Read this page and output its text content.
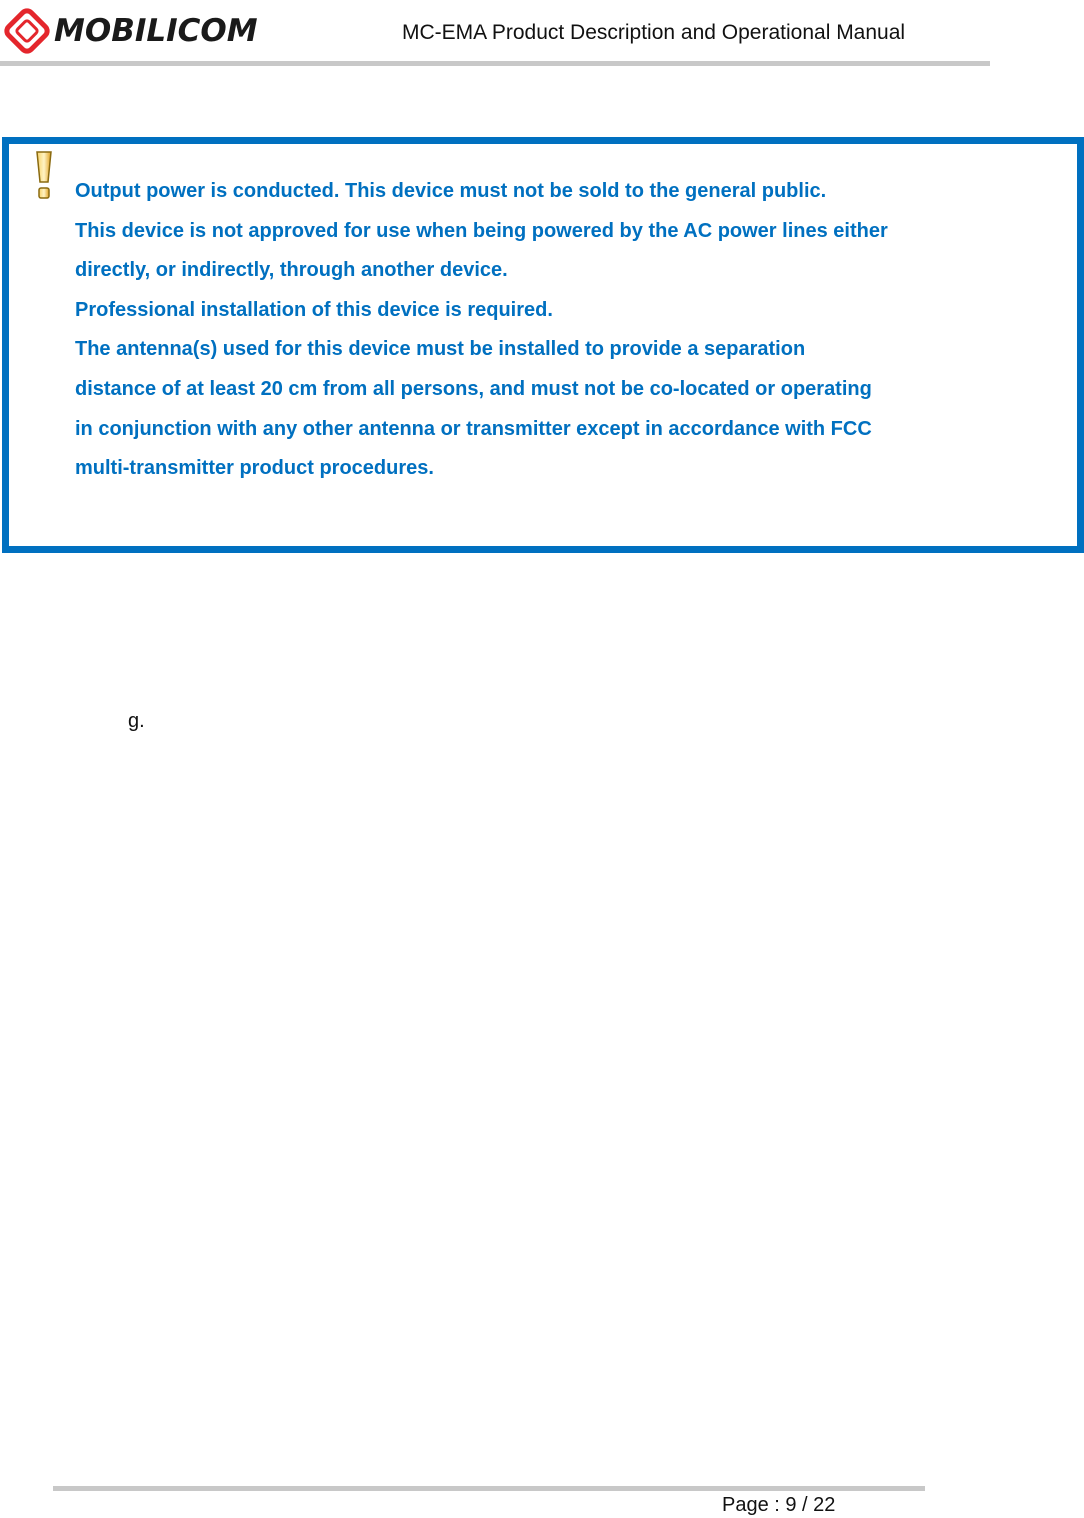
MOBILICOM	MC-EMA Product Description and Operational Manual
Output power is conducted. This device must not be sold to the general public.
This device is not approved for use when being powered by the AC power lines either
directly, or indirectly, through another device.
Professional installation of this device is required.
The antenna(s) used for this device must be installed to provide a separation
distance of at least 20 cm from all persons, and must not be co-located or operating
in conjunction with any other antenna or transmitter except in accordance with FCC
multi-transmitter product procedures.
g.
Page : 9 / 22
